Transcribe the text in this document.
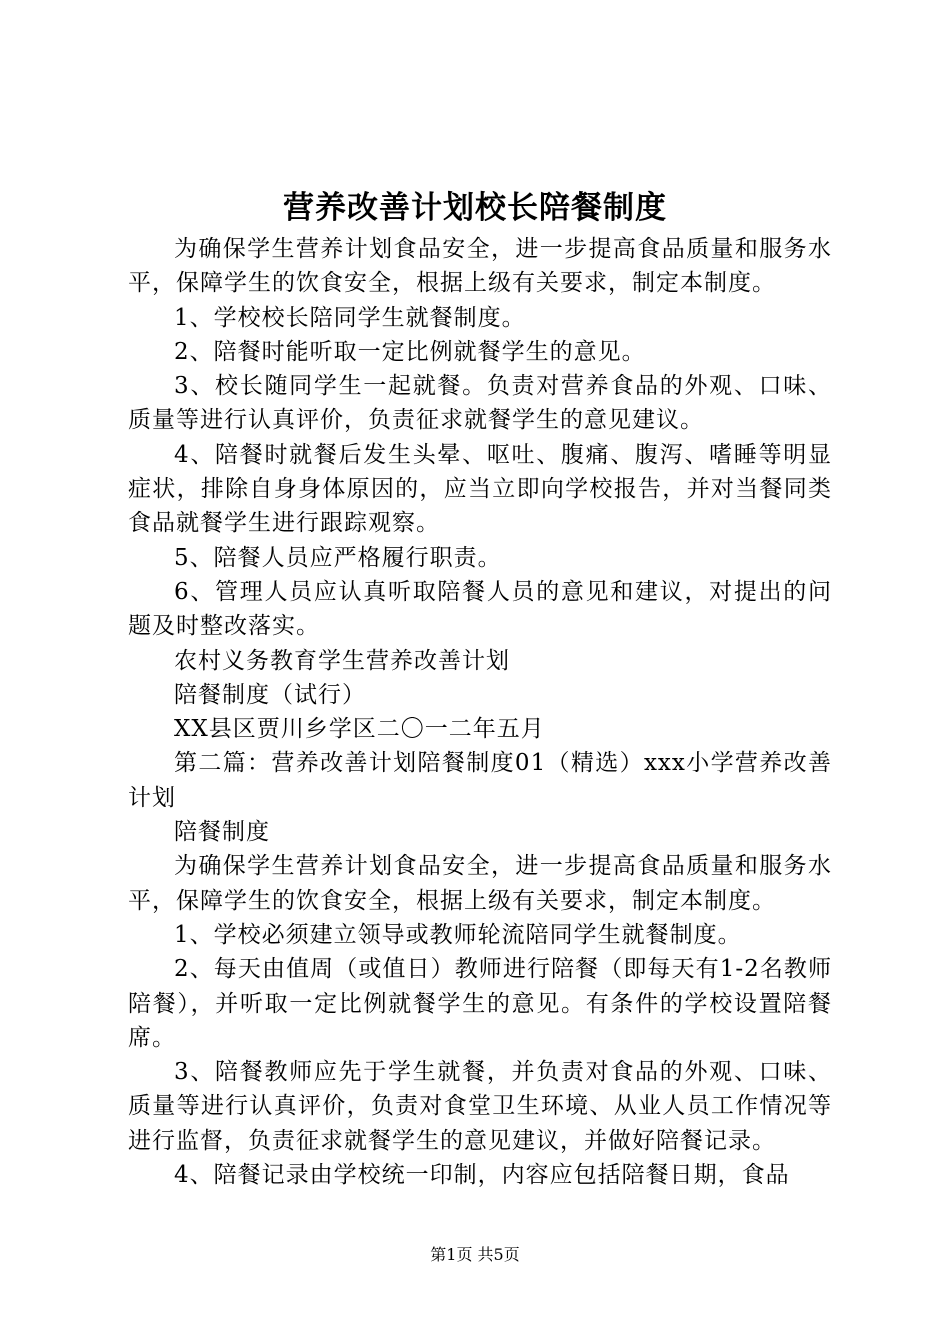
营养改善计划校长陪餐制度

为确保学生营养计划食品安全，进一步提高食品质量和服务水平，保障学生的饮食安全，根据上级有关要求，制定本制度。

1、学校校长陪同学生就餐制度。

2、陪餐时能听取一定比例就餐学生的意见。

3、校长随同学生一起就餐。负责对营养食品的外观、口味、质量等进行认真评价，负责征求就餐学生的意见建议。

4、陪餐时就餐后发生头晕、呕吐、腹痛、腹泻、嗜睡等明显症状，排除自身身体原因的，应当立即向学校报告，并对当餐同类食品就餐学生进行跟踪观察。

5、陪餐人员应严格履行职责。

6、管理人员应认真听取陪餐人员的意见和建议，对提出的问题及时整改落实。

农村义务教育学生营养改善计划

陪餐制度（试行）

XX县区贾川乡学区二〇一二年五月

第二篇：营养改善计划陪餐制度01（精选）xxx小学营养改善计划

陪餐制度

为确保学生营养计划食品安全，进一步提高食品质量和服务水平，保障学生的饮食安全，根据上级有关要求，制定本制度。

1、学校必须建立领导或教师轮流陪同学生就餐制度。

2、每天由值周（或值日）教师进行陪餐（即每天有1-2名教师陪餐），并听取一定比例就餐学生的意见。有条件的学校设置陪餐席。

3、陪餐教师应先于学生就餐，并负责对食品的外观、口味、质量等进行认真评价，负责对食堂卫生环境、从业人员工作情况等进行监督，负责征求就餐学生的意见建议，并做好陪餐记录。

4、陪餐记录由学校统一印制，内容应包括陪餐日期，食品

第1页 共5页
